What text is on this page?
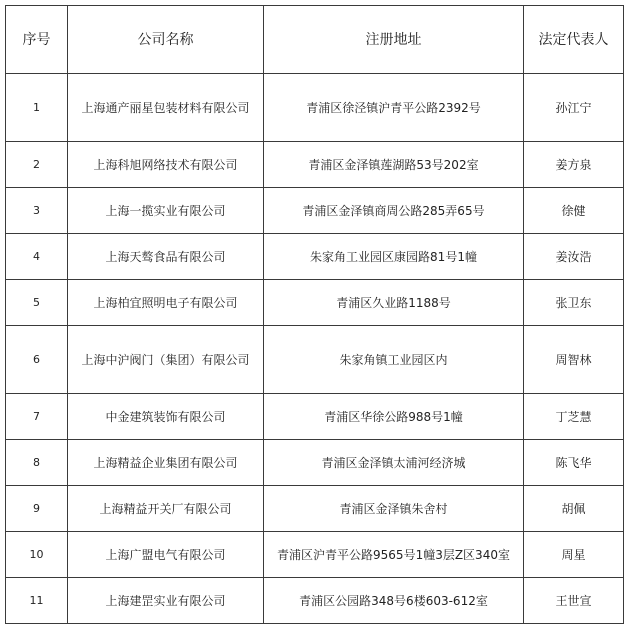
序号	公司名称	注册地址	法定代表人
1	上海通产丽星包装材料有限公司	青浦区徐泾镇沪青平公路2392号	孙江宁
2	上海科旭网络技术有限公司	青浦区金泽镇莲湖路53号202室	姜方泉
3	上海一揽实业有限公司	青浦区金泽镇商周公路285弄65号	徐健
4	上海天骜食品有限公司	朱家角工业园区康园路81号1幢	姜汝浩
5	上海柏宜照明电子有限公司	青浦区久业路1188号	张卫东
6	上海中沪阀门（集团）有限公司	朱家角镇工业园区内	周智林
7	中金建筑装饰有限公司	青浦区华徐公路988号1幢	丁芝慧
8	上海精益企业集团有限公司	青浦区金泽镇太浦河经济城	陈飞华
9	上海精益开关厂有限公司	青浦区金泽镇朱舍村	胡佩
10	上海广盟电气有限公司	青浦区沪青平公路9565号1幢3层Z区340室	周星
11	上海建罡实业有限公司	青浦区公园路348号6楼603-612室	王世宣
